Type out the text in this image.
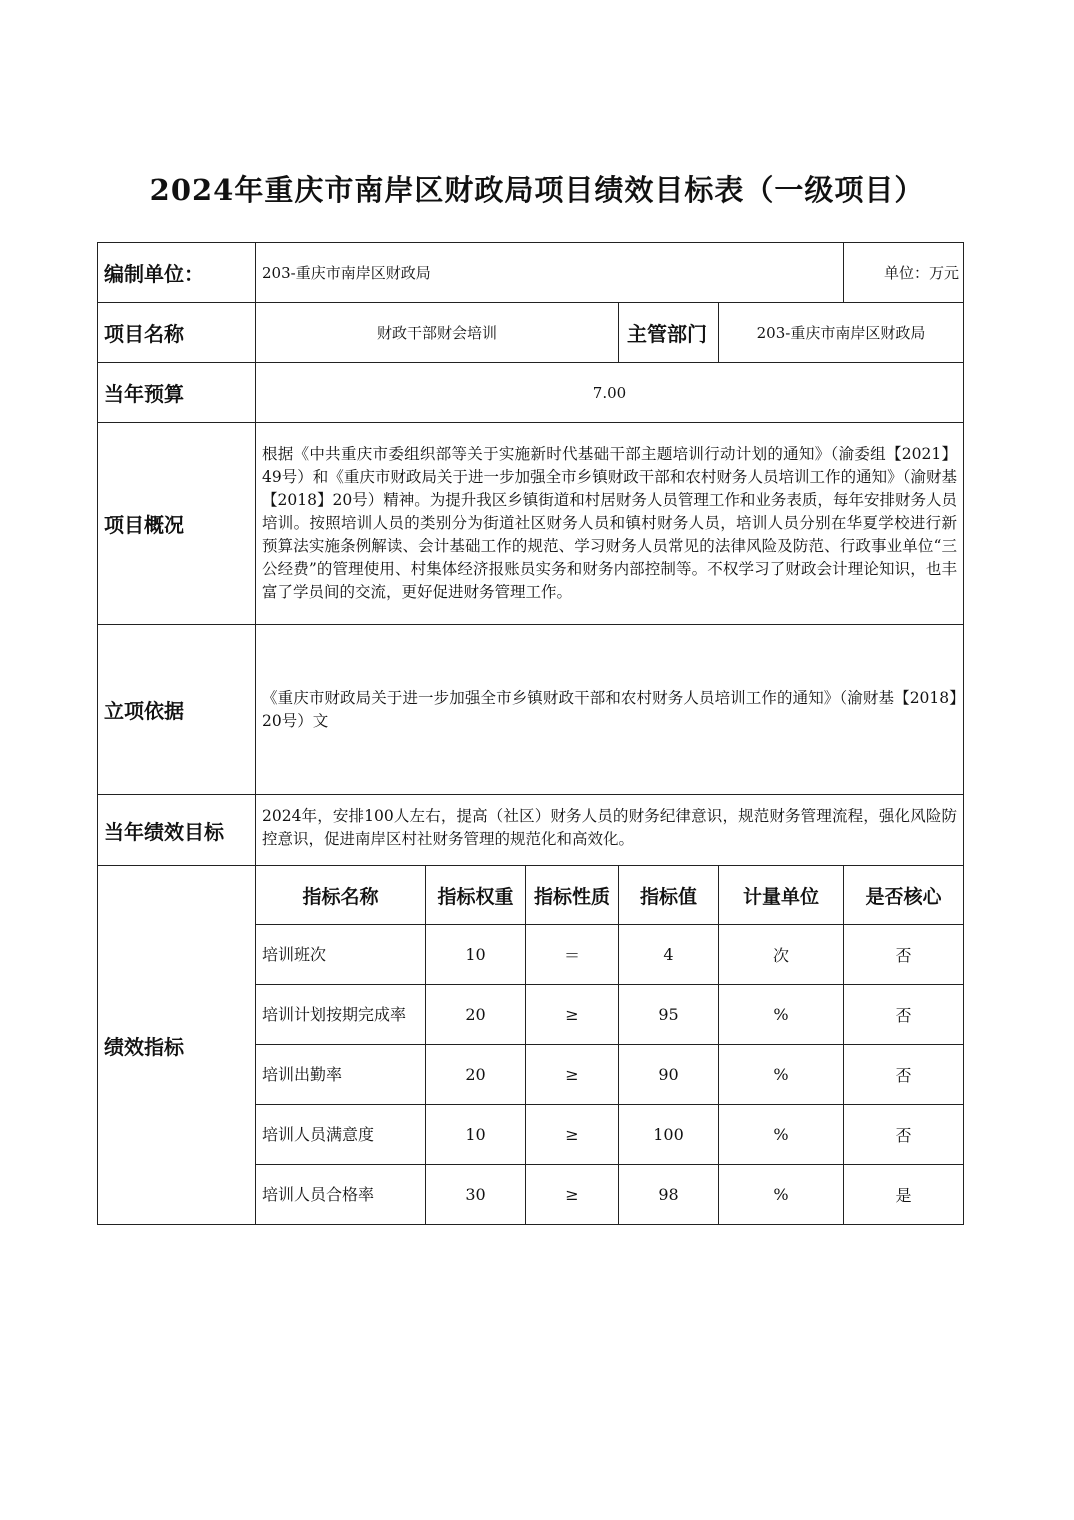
2024年重庆市南岸区财政局项目绩效目标表（一级项目）
编制单位：	203-重庆市南岸区财政局					单位：万元
项目名称	财政干部财会培训			主管部门	203-重庆市南岸区财政局	
当年预算	7.00					
项目概况	根据《中共重庆市委组织部等关于实施新时代基础干部主题培训行动计划的通知》（渝委组【2021】49号）和《重庆市财政局关于进一步加强全市乡镇财政干部和农村财务人员培训工作的通知》（渝财基【2018】20号）精神。为提升我区乡镇街道和村居财务人员管理工作和业务表质，每年安排财务人员培训。按照培训人员的类别分为街道社区财务人员和镇村财务人员，培训人员分别在华夏学校进行新预算法实施条例解读、会计基础工作的规范、学习财务人员常见的法律风险及防范、行政事业单位“三公经费”的管理使用、村集体经济报账员实务和财务内部控制等。不权学习了财政会计理论知识，也丰富了学员间的交流，更好促进财务管理工作。					
立项依据	《重庆市财政局关于进一步加强全市乡镇财政干部和农村财务人员培训工作的通知》（渝财基【2018】20号）文					
当年绩效目标	2024年，安排100人左右，提高（社区）财务人员的财务纪律意识，规范财务管理流程，强化风险防控意识，促进南岸区村社财务管理的规范化和高效化。					
绩效指标	指标名称	指标权重	指标性质	指标值	计量单位	是否核心
	培训班次	10	＝	4	次	否
	培训计划按期完成率	20	≥	95	%	否
	培训出勤率	20	≥	90	%	否
	培训人员满意度	10	≥	100	%	否
	培训人员合格率	30	≥	98	%	是
